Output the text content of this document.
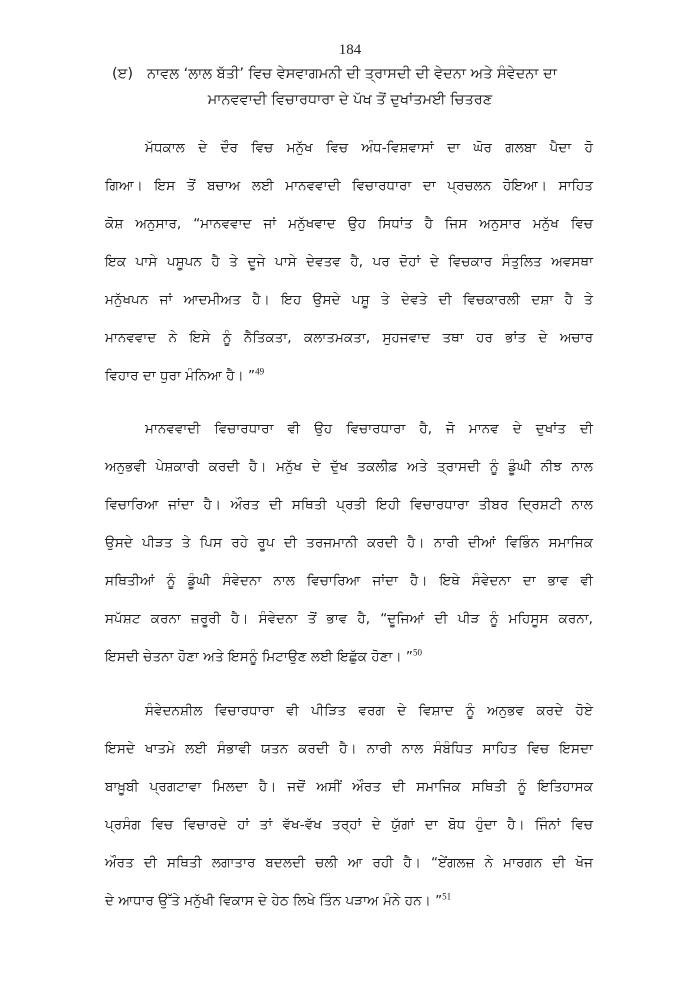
184
(ੲ) ਨਾਵਲ ‘ਲਾਲ ਬੱਤੀ’ ਵਿਚ ਵੇਸਵਾਗਮਨੀ ਦੀ ਤ੍ਰਾਸਦੀ ਦੀ ਵੇਦਨਾ ਅਤੇ ਸੰਵੇਦਨਾ ਦਾ
ਮਾਨਵਵਾਦੀ ਵਿਚਾਰਧਾਰਾ ਦੇ ਪੱਖ ਤੋਂ ਦੁਖਾਂਤਮਈ ਚਿਤਰਣ
ਮੱਧਕਾਲ ਦੇ ਦੌਰ ਵਿਚ ਮਨੁੱਖ ਵਿਚ ਅੰਧ-ਵਿਸ਼ਵਾਸਾਂ ਦਾ ਘੋਰ ਗਲਬਾ ਪੈਦਾ ਹੋ
ਗਿਆ। ਇਸ ਤੋਂ ਬਚਾਅ ਲਈ ਮਾਨਵਵਾਦੀ ਵਿਚਾਰਧਾਰਾ ਦਾ ਪ੍ਰਚਲਨ ਹੋਇਆ। ਸਾਹਿਤ
ਕੋਸ਼ ਅਨੁਸਾਰ, “ਮਾਨਵਵਾਦ ਜਾਂ ਮਨੁੱਖਵਾਦ ਉਹ ਸਿਧਾਂਤ ਹੈ ਜਿਸ ਅਨੁਸਾਰ ਮਨੁੱਖ ਵਿਚ
ਇਕ ਪਾਸੇ ਪਸ਼ੂਪਨ ਹੈ ਤੇ ਦੂਜੇ ਪਾਸੇ ਦੇਵਤਵ ਹੈ, ਪਰ ਦੋਹਾਂ ਦੇ ਵਿਚਕਾਰ ਸੰਤੁਲਿਤ ਅਵਸਥਾ
ਮਨੁੱਖਪਨ ਜਾਂ ਆਦਮੀਅਤ ਹੈ। ਇਹ ਉਸਦੇ ਪਸ਼ੂ ਤੇ ਦੇਵਤੇ ਦੀ ਵਿਚਕਾਰਲੀ ਦਸ਼ਾ ਹੈ ਤੇ
ਮਾਨਵਵਾਦ ਨੇ ਇਸੇ ਨੂੰ ਨੈਤਿਕਤਾ, ਕਲਾਤਮਕਤਾ, ਸੁਹਜਵਾਦ ਤਥਾ ਹਰ ਭਾਂਤ ਦੇ ਅਚਾਰ
ਵਿਹਾਰ ਦਾ ਧੁਰਾ ਮੰਨਿਆ ਹੈ। ”$^{49}$
ਮਾਨਵਵਾਦੀ ਵਿਚਾਰਧਾਰਾ ਵੀ ਉਹ ਵਿਚਾਰਧਾਰਾ ਹੈ, ਜੋ ਮਾਨਵ ਦੇ ਦੁਖਾਂਤ ਦੀ
ਅਨੁਭਵੀ ਪੇਸ਼ਕਾਰੀ ਕਰਦੀ ਹੈ। ਮਨੁੱਖ ਦੇ ਦੁੱਖ ਤਕਲੀਫ਼ ਅਤੇ ਤ੍ਰਾਸਦੀ ਨੂੰ ਡੂੰਘੀ ਨੀਝ ਨਾਲ
ਵਿਚਾਰਿਆ ਜਾਂਦਾ ਹੈ। ਔਰਤ ਦੀ ਸਥਿਤੀ ਪ੍ਰਤੀ ਇਹੀ ਵਿਚਾਰਧਾਰਾ ਤੀਬਰ ਦ੍ਰਿਸ਼ਟੀ ਨਾਲ
ਉਸਦੇ ਪੀੜਤ ਤੇ ਪਿਸ ਰਹੇ ਰੂਪ ਦੀ ਤਰਜਮਾਨੀ ਕਰਦੀ ਹੈ। ਨਾਰੀ ਦੀਆਂ ਵਿਭਿੰਨ ਸਮਾਜਿਕ
ਸਥਿਤੀਆਂ ਨੂੰ ਡੂੰਘੀ ਸੰਵੇਦਨਾ ਨਾਲ ਵਿਚਾਰਿਆ ਜਾਂਦਾ ਹੈ। ਇਥੇ ਸੰਵੇਦਨਾ ਦਾ ਭਾਵ ਵੀ
ਸਪੱਸ਼ਟ ਕਰਨਾ ਜ਼ਰੂਰੀ ਹੈ। ਸੰਵੇਦਨਾ ਤੋਂ ਭਾਵ ਹੈ, “ਦੂਜਿਆਂ ਦੀ ਪੀੜ ਨੂੰ ਮਹਿਸੂਸ ਕਰਨਾ,
ਇਸਦੀ ਚੇਤਨਾ ਹੋਣਾ ਅਤੇ ਇਸਨੂੰ ਮਿਟਾਉਣ ਲਈ ਇਛੁੱਕ ਹੋਣਾ। ”$^{50}$
ਸੰਵੇਦਨਸ਼ੀਲ ਵਿਚਾਰਧਾਰਾ ਵੀ ਪੀੜਿਤ ਵਰਗ ਦੇ ਵਿਸ਼ਾਦ ਨੂੰ ਅਨੁਭਵ ਕਰਦੇ ਹੋਏ
ਇਸਦੇ ਖਾਤਮੇ ਲਈ ਸੰਭਾਵੀ ਯਤਨ ਕਰਦੀ ਹੈ। ਨਾਰੀ ਨਾਲ ਸੰਬੰਧਿਤ ਸਾਹਿਤ ਵਿਚ ਇਸਦਾ
ਬਾਖ਼ੂਬੀ ਪ੍ਰਗਟਾਵਾ ਮਿਲਦਾ ਹੈ। ਜਦੋਂ ਅਸੀਂ ਔਰਤ ਦੀ ਸਮਾਜਿਕ ਸਥਿਤੀ ਨੂੰ ਇਤਿਹਾਸਕ
ਪ੍ਰਸੰਗ ਵਿਚ ਵਿਚਾਰਦੇ ਹਾਂ ਤਾਂ ਵੱਖ-ਵੱਖ ਤਰ੍ਹਾਂ ਦੇ ਯੁੱਗਾਂ ਦਾ ਬੋਧ ਹੁੰਦਾ ਹੈ। ਜਿੰਨਾਂ ਵਿਚ
ਔਰਤ ਦੀ ਸਥਿਤੀ ਲਗਾਤਾਰ ਬਦਲਦੀ ਚਲੀ ਆ ਰਹੀ ਹੈ। “ਏਂਗਲਜ਼ ਨੇ ਮਾਰਗਨ ਦੀ ਖੋਜ
ਦੇ ਆਧਾਰ ਉੱਤੇ ਮਨੁੱਖੀ ਵਿਕਾਸ ਦੇ ਹੇਠ ਲਿਖੇ ਤਿੰਨ ਪੜਾਅ ਮੰਨੇ ਹਨ। ”$^{51}$
